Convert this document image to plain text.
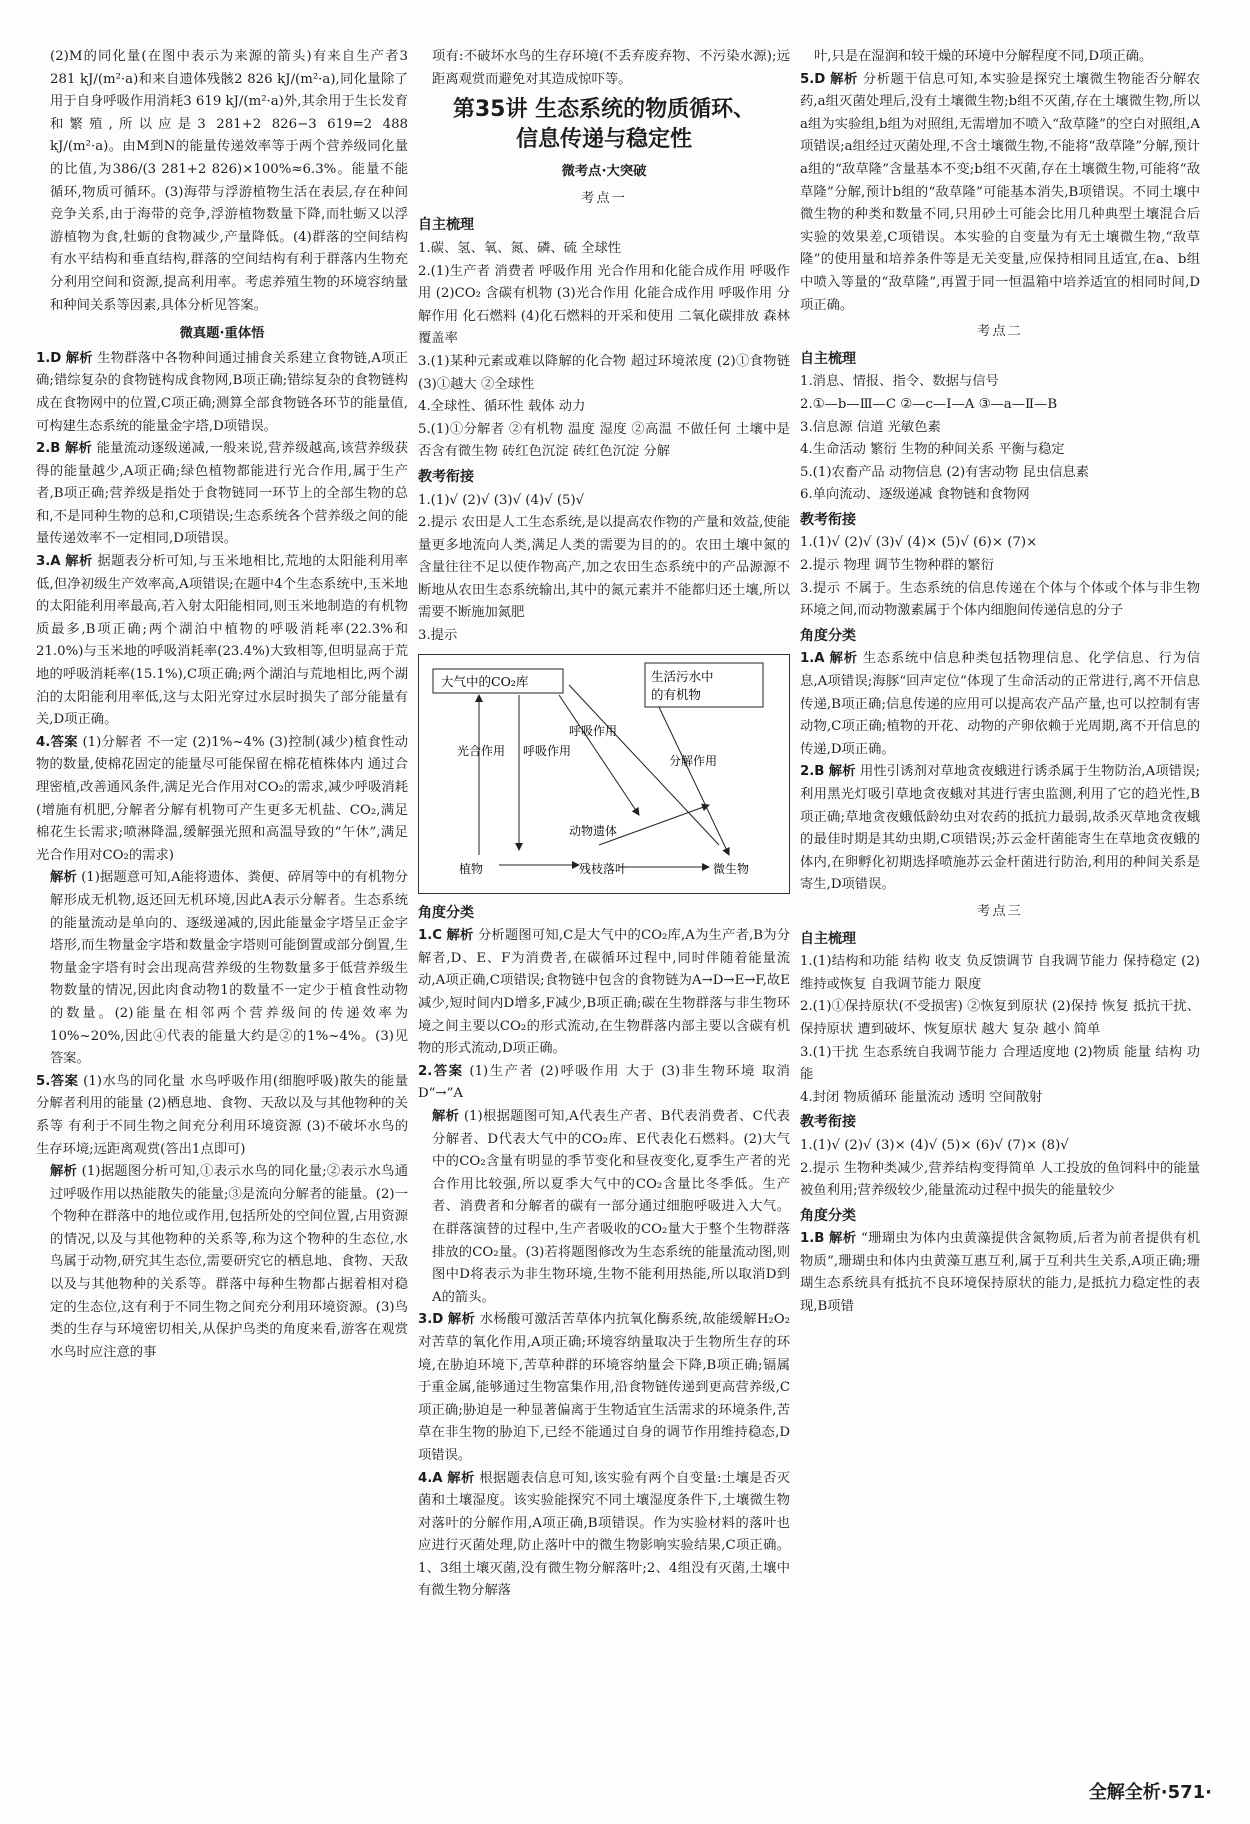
(2)M的同化量(在图中表示为来源的箭头)有来自生产者3 281 kJ/(m²·a)和来自遗体残骸2 826 kJ/(m²·a),同化量除了用于自身呼吸作用消耗3 619 kJ/(m²·a)外,其余用于生长发育和繁殖,所以应是3 281+2 826−3 619=2 488 kJ/(m²·a)。由M到N的能量传递效率等于两个营养级同化量的比值,为386/(3 281+2 826)×100%≈6.3%。能量不能循环,物质可循环。(3)海带与浮游植物生活在表层,存在种间竞争关系,由于海带的竞争,浮游植物数量下降,而牡蛎又以浮游植物为食,牡蛎的食物减少,产量降低。(4)群落的空间结构有水平结构和垂直结构,群落的空间结构有利于群落内生物充分利用空间和资源,提高利用率。考虑养殖生物的环境容纳量和种间关系等因素,具体分析见答案。

微真题·重体悟

1.D 解析 生物群落中各物种间通过捕食关系建立食物链,A项正确;错综复杂的食物链构成食物网,B项正确;错综复杂的食物链构成在食物网中的位置,C项正确;测算全部食物链各环节的能量值,可构建生态系统的能量金字塔,D项错误。

2.B 解析 能量流动逐级递减,一般来说,营养级越高,该营养级获得的能量越少,A项正确;绿色植物都能进行光合作用,属于生产者,B项正确;营养级是指处于食物链同一环节上的全部生物的总和,不是同种生物的总和,C项错误;生态系统各个营养级之间的能量传递效率不一定相同,D项错误。

3.A 解析 据题表分析可知,与玉米地相比,荒地的太阳能利用率低,但净初级生产效率高,A项错误;在题中4个生态系统中,玉米地的太阳能利用率最高,若入射太阳能相同,则玉米地制造的有机物质最多,B项正确;两个湖泊中植物的呼吸消耗率(22.3%和21.0%)与玉米地的呼吸消耗率(23.4%)大致相等,但明显高于荒地的呼吸消耗率(15.1%),C项正确;两个湖泊与荒地相比,两个湖泊的太阳能利用率低,这与太阳光穿过水层时损失了部分能量有关,D项正确。

4.答案 (1)分解者 不一定 (2)1%~4% (3)控制(减少)植食性动物的数量,使棉花固定的能量尽可能保留在棉花植株体内 通过合理密植,改善通风条件,满足光合作用对CO₂的需求,减少呼吸消耗(增施有机肥,分解者分解有机物可产生更多无机盐、CO₂,满足棉花生长需求;喷淋降温,缓解强光照和高温导致的“午休”,满足光合作用对CO₂的需求)

解析 (1)据题意可知,A能将遗体、粪便、碎屑等中的有机物分解形成无机物,返还回无机环境,因此A表示分解者。生态系统的能量流动是单向的、逐级递减的,因此能量金字塔呈正金字塔形,而生物量金字塔和数量金字塔则可能倒置或部分倒置,生物量金字塔有时会出现高营养级的生物数量多于低营养级生物数量的情况,因此肉食动物1的数量不一定少于植食性动物的数量。(2)能量在相邻两个营养级间的传递效率为10%~20%,因此④代表的能量大约是②的1%~4%。(3)见答案。

5.答案 (1)水鸟的同化量 水鸟呼吸作用(细胞呼吸)散失的能量 分解者利用的能量 (2)栖息地、食物、天敌以及与其他物种的关系等 有利于不同生物之间充分利用环境资源 (3)不破坏水鸟的生存环境;远距离观赏(答出1点即可)

解析 (1)据题图分析可知,①表示水鸟的同化量;②表示水鸟通过呼吸作用以热能散失的能量;③是流向分解者的能量。(2)一个物种在群落中的地位或作用,包括所处的空间位置,占用资源的情况,以及与其他物种的关系等,称为这个物种的生态位,水鸟属于动物,研究其生态位,需要研究它的栖息地、食物、天敌以及与其他物种的关系等。群落中每种生物都占据着相对稳定的生态位,这有利于不同生物之间充分利用环境资源。(3)鸟类的生存与环境密切相关,从保护鸟类的角度来看,游客在观赏水鸟时应注意的事

项有:不破坏水鸟的生存环境(不丢弃废弃物、不污染水源);远距离观赏而避免对其造成惊吓等。

第35讲 生态系统的物质循环、
信息传递与稳定性
微考点·大突破
考点一
自主梳理

1.碳、氢、氧、氮、磷、硫 全球性

2.(1)生产者 消费者 呼吸作用 光合作用和化能合成作用 呼吸作用 (2)CO₂ 含碳有机物 (3)光合作用 化能合成作用 呼吸作用 分解作用 化石燃料 (4)化石燃料的开采和使用 二氧化碳排放 森林覆盖率

3.(1)某种元素或难以降解的化合物 超过环境浓度 (2)①食物链 (3)①越大 ②全球性

4.全球性、循环性 载体 动力

5.(1)①分解者 ②有机物 温度 湿度 ②高温 不做任何 土壤中是否含有微生物 砖红色沉淀 砖红色沉淀 分解

教考衔接

1.(1)√ (2)√ (3)√ (4)√ (5)√

2.提示 农田是人工生态系统,是以提高农作物的产量和效益,使能量更多地流向人类,满足人类的需要为目的的。农田土壤中氮的含量往往不足以使作物高产,加之农田生态系统中的产品源源不断地从农田生态系统输出,其中的氮元素并不能都归还土壤,所以需要不断施加氮肥

3.提示

大气中的CO₂库	生活污水中
的有机物
光合作用 呼吸作用
呼吸作用
分解作用
植物
动物遗体
残枝落叶	微生物
角度分类

1.C 解析 分析题图可知,C是大气中的CO₂库,A为生产者,B为分解者,D、E、F为消费者,在碳循环过程中,同时伴随着能量流动,A项正确,C项错误;食物链中包含的食物链为A→D→E→F,故E减少,短时间内D增多,F减少,B项正确;碳在生物群落与非生物环境之间主要以CO₂的形式流动,在生物群落内部主要以含碳有机物的形式流动,D项正确。

2.答案 (1)生产者 (2)呼吸作用 大于 (3)非生物环境 取消D“→”A

解析 (1)根据题图可知,A代表生产者、B代表消费者、C代表分解者、D代表大气中的CO₂库、E代表化石燃料。(2)大气中的CO₂含量有明显的季节变化和昼夜变化,夏季生产者的光合作用比较强,所以夏季大气中的CO₂含量比冬季低。生产者、消费者和分解者的碳有一部分通过细胞呼吸进入大气。在群落演替的过程中,生产者吸收的CO₂量大于整个生物群落排放的CO₂量。(3)若将题图修改为生态系统的能量流动图,则图中D将表示为非生物环境,生物不能利用热能,所以取消D到A的箭头。

3.D 解析 水杨酸可激活苦草体内抗氧化酶系统,故能缓解H₂O₂对苦草的氧化作用,A项正确;环境容纳量取决于生物所生存的环境,在胁迫环境下,苦草种群的环境容纳量会下降,B项正确;镉属于重金属,能够通过生物富集作用,沿食物链传递到更高营养级,C项正确;胁迫是一种显著偏离于生物适宜生活需求的环境条件,苦草在非生物的胁迫下,已经不能通过自身的调节作用维持稳态,D项错误。

4.A 解析 根据题表信息可知,该实验有两个自变量:土壤是否灭菌和土壤湿度。该实验能探究不同土壤湿度条件下,土壤微生物对落叶的分解作用,A项正确,B项错误。作为实验材料的落叶也应进行灭菌处理,防止落叶中的微生物影响实验结果,C项正确。1、3组土壤灭菌,没有微生物分解落叶;2、4组没有灭菌,土壤中有微生物分解落

叶,只是在湿润和较干燥的环境中分解程度不同,D项正确。

5.D 解析 分析题干信息可知,本实验是探究土壤微生物能否分解农药,a组灭菌处理后,没有土壤微生物;b组不灭菌,存在土壤微生物,所以a组为实验组,b组为对照组,无需增加不喷入“敌草隆”的空白对照组,A项错误;a组经过灭菌处理,不含土壤微生物,不能将“敌草隆”分解,预计a组的“敌草隆”含量基本不变;b组不灭菌,存在土壤微生物,可能将“敌草隆”分解,预计b组的“敌草隆”可能基本消失,B项错误。不同土壤中微生物的种类和数量不同,只用砂土可能会比用几种典型土壤混合后实验的效果差,C项错误。本实验的自变量为有无土壤微生物,“敌草隆”的使用量和培养条件等是无关变量,应保持相同且适宜,在a、b组中喷入等量的“敌草隆”,再置于同一恒温箱中培养适宜的相同时间,D项正确。

考点二
自主梳理

1.消息、情报、指令、数据与信号

2.①—b—Ⅲ—C ②—c—Ⅰ—A ③—a—Ⅱ—B

3.信息源 信道 光敏色素

4.生命活动 繁衍 生物的种间关系 平衡与稳定

5.(1)农畜产品 动物信息 (2)有害动物 昆虫信息素

6.单向流动、逐级递减 食物链和食物网

教考衔接

1.(1)√ (2)√ (3)√ (4)× (5)√ (6)× (7)×

2.提示 物理 调节生物种群的繁衍

3.提示 不属于。生态系统的信息传递在个体与个体或个体与非生物环境之间,而动物激素属于个体内细胞间传递信息的分子

角度分类

1.A 解析 生态系统中信息种类包括物理信息、化学信息、行为信息,A项错误;海豚“回声定位”体现了生命活动的正常进行,离不开信息传递,B项正确;信息传递的应用可以提高农产品产量,也可以控制有害动物,C项正确;植物的开花、动物的产卵依赖于光周期,离不开信息的传递,D项正确。

2.B 解析 用性引诱剂对草地贪夜蛾进行诱杀属于生物防治,A项错误;利用黑光灯吸引草地贪夜蛾对其进行害虫监测,利用了它的趋光性,B项正确;草地贪夜蛾低龄幼虫对农药的抵抗力最弱,故杀灭草地贪夜蛾的最佳时期是其幼虫期,C项错误;苏云金杆菌能寄生在草地贪夜蛾的体内,在卵孵化初期选择喷施苏云金杆菌进行防治,利用的种间关系是寄生,D项错误。

考点三
自主梳理

1.(1)结构和功能 结构 收支 负反馈调节 自我调节能力 保持稳定 (2)维持或恢复 自我调节能力 限度

2.(1)①保持原状(不受损害) ②恢复到原状 (2)保持 恢复 抵抗干扰、保持原状 遭到破坏、恢复原状 越大 复杂 越小 简单

3.(1)干扰 生态系统自我调节能力 合理适度地 (2)物质 能量 结构 功能

4.封闭 物质循环 能量流动 透明 空间散射

教考衔接

1.(1)√ (2)√ (3)× (4)√ (5)× (6)√ (7)× (8)√

2.提示 生物种类减少,营养结构变得简单 人工投放的鱼饲料中的能量被鱼利用;营养级较少,能量流动过程中损失的能量较少

角度分类

1.B 解析 “珊瑚虫为体内虫黄藻提供含氮物质,后者为前者提供有机物质”,珊瑚虫和体内虫黄藻互惠互利,属于互利共生关系,A项正确;珊瑚生态系统具有抵抗不良环境保持原状的能力,是抵抗力稳定性的表现,B项错

全解全析·571·
